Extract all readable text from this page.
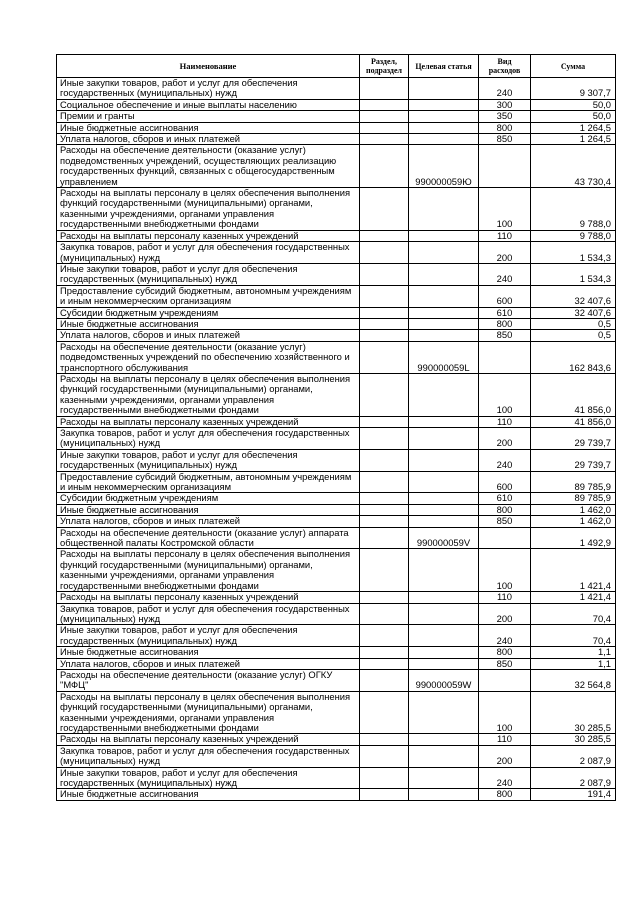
Наименование	Раздел, подраздел	Целевая статья	Вид расходов	Сумма
Иные закупки товаров, работ и услуг для обеспечения государственных (муниципальных) нужд			240	9 307,7
Социальное обеспечение и иные выплаты населению			300	50,0
Премии и гранты			350	50,0
Иные бюджетные ассигнования			800	1 264,5
Уплата налогов, сборов и иных платежей			850	1 264,5
Расходы на обеспечение деятельности (оказание услуг) подведомственных учреждений, осуществляющих реализацию государственных функций, связанных с общегосударственным управлением		990000059Ю		43 730,4
Расходы на выплаты персоналу в целях обеспечения выполнения функций государственными (муниципальными) органами, казенными учреждениями, органами управления государственными внебюджетными фондами			100	9 788,0
Расходы на выплаты персоналу казенных учреждений			110	9 788,0
Закупка товаров, работ и услуг для обеспечения государственных (муниципальных) нужд			200	1 534,3
Иные закупки товаров, работ и услуг для обеспечения государственных (муниципальных) нужд			240	1 534,3
Предоставление субсидий бюджетным, автономным учреждениям и иным некоммерческим организациям			600	32 407,6
Субсидии бюджетным учреждениям			610	32 407,6
Иные бюджетные ассигнования			800	0,5
Уплата налогов, сборов и иных платежей			850	0,5
Расходы на обеспечение деятельности (оказание услуг) подведомственных учреждений по обеспечению хозяйственного и транспортного обслуживания		990000059L		162 843,6
Расходы на выплаты персоналу в целях обеспечения выполнения функций государственными (муниципальными) органами, казенными учреждениями, органами управления государственными внебюджетными фондами			100	41 856,0
Расходы на выплаты персоналу казенных учреждений			110	41 856,0
Закупка товаров, работ и услуг для обеспечения государственных (муниципальных) нужд			200	29 739,7
Иные закупки товаров, работ и услуг для обеспечения государственных (муниципальных) нужд			240	29 739,7
Предоставление субсидий бюджетным, автономным учреждениям и иным некоммерческим организациям			600	89 785,9
Субсидии бюджетным учреждениям			610	89 785,9
Иные бюджетные ассигнования			800	1 462,0
Уплата налогов, сборов и иных платежей			850	1 462,0
Расходы на обеспечение деятельности (оказание услуг) аппарата общественной палаты Костромской области		990000059V		1 492,9
Расходы на выплаты персоналу в целях обеспечения выполнения функций государственными (муниципальными) органами, казенными учреждениями, органами управления государственными внебюджетными фондами			100	1 421,4
Расходы на выплаты персоналу казенных учреждений			110	1 421,4
Закупка товаров, работ и услуг для обеспечения государственных (муниципальных) нужд			200	70,4
Иные закупки товаров, работ и услуг для обеспечения государственных (муниципальных) нужд			240	70,4
Иные бюджетные ассигнования			800	1,1
Уплата налогов, сборов и иных платежей			850	1,1
Расходы на обеспечение деятельности (оказание услуг) ОГКУ "МФЦ"		990000059W		32 564,8
Расходы на выплаты персоналу в целях обеспечения выполнения функций государственными (муниципальными) органами, казенными учреждениями, органами управления государственными внебюджетными фондами			100	30 285,5
Расходы на выплаты персоналу казенных учреждений			110	30 285,5
Закупка товаров, работ и услуг для обеспечения государственных (муниципальных) нужд			200	2 087,9
Иные закупки товаров, работ и услуг для обеспечения государственных (муниципальных) нужд			240	2 087,9
Иные бюджетные ассигнования			800	191,4
